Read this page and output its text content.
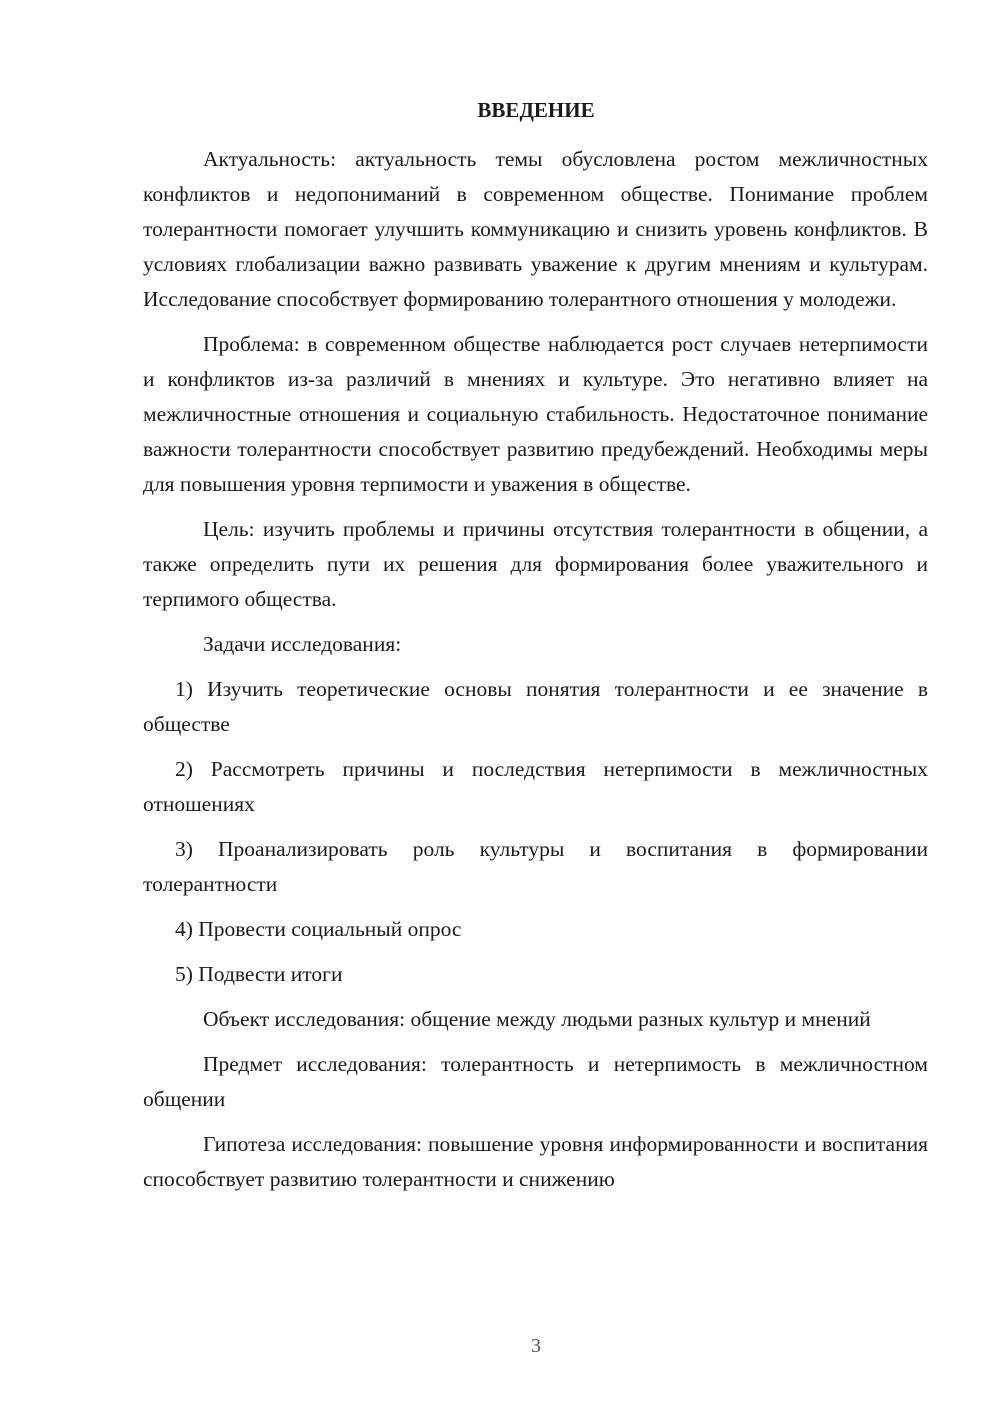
ВВЕДЕНИЕ

Актуальность: актуальность темы обусловлена ростом межличностных конфликтов и недопониманий в современном обществе. Понимание проблем толерантности помогает улучшить коммуникацию и снизить уровень конфликтов. В условиях глобализации важно развивать уважение к другим мнениям и культурам. Исследование способствует формированию толерантного отношения у молодежи.

Проблема: в современном обществе наблюдается рост случаев нетерпимости и конфликтов из-за различий в мнениях и культуре. Это негативно влияет на межличностные отношения и социальную стабильность. Недостаточное понимание важности толерантности способствует развитию предубеждений. Необходимы меры для повышения уровня терпимости и уважения в обществе.

Цель: изучить проблемы и причины отсутствия толерантности в общении, а также определить пути их решения для формирования более уважительного и терпимого общества.

Задачи исследования:

1) Изучить теоретические основы понятия толерантности и ее значение в обществе

2) Рассмотреть причины и последствия нетерпимости в межличностных отношениях

3) Проанализировать роль культуры и воспитания в формировании толерантности

4) Провести социальный опрос

5) Подвести итоги

Объект исследования: общение между людьми разных культур и мнений

Предмет исследования: толерантность и нетерпимость в межличностном общении

Гипотеза исследования: повышение уровня информированности и воспитания способствует развитию толерантности и снижению

3
